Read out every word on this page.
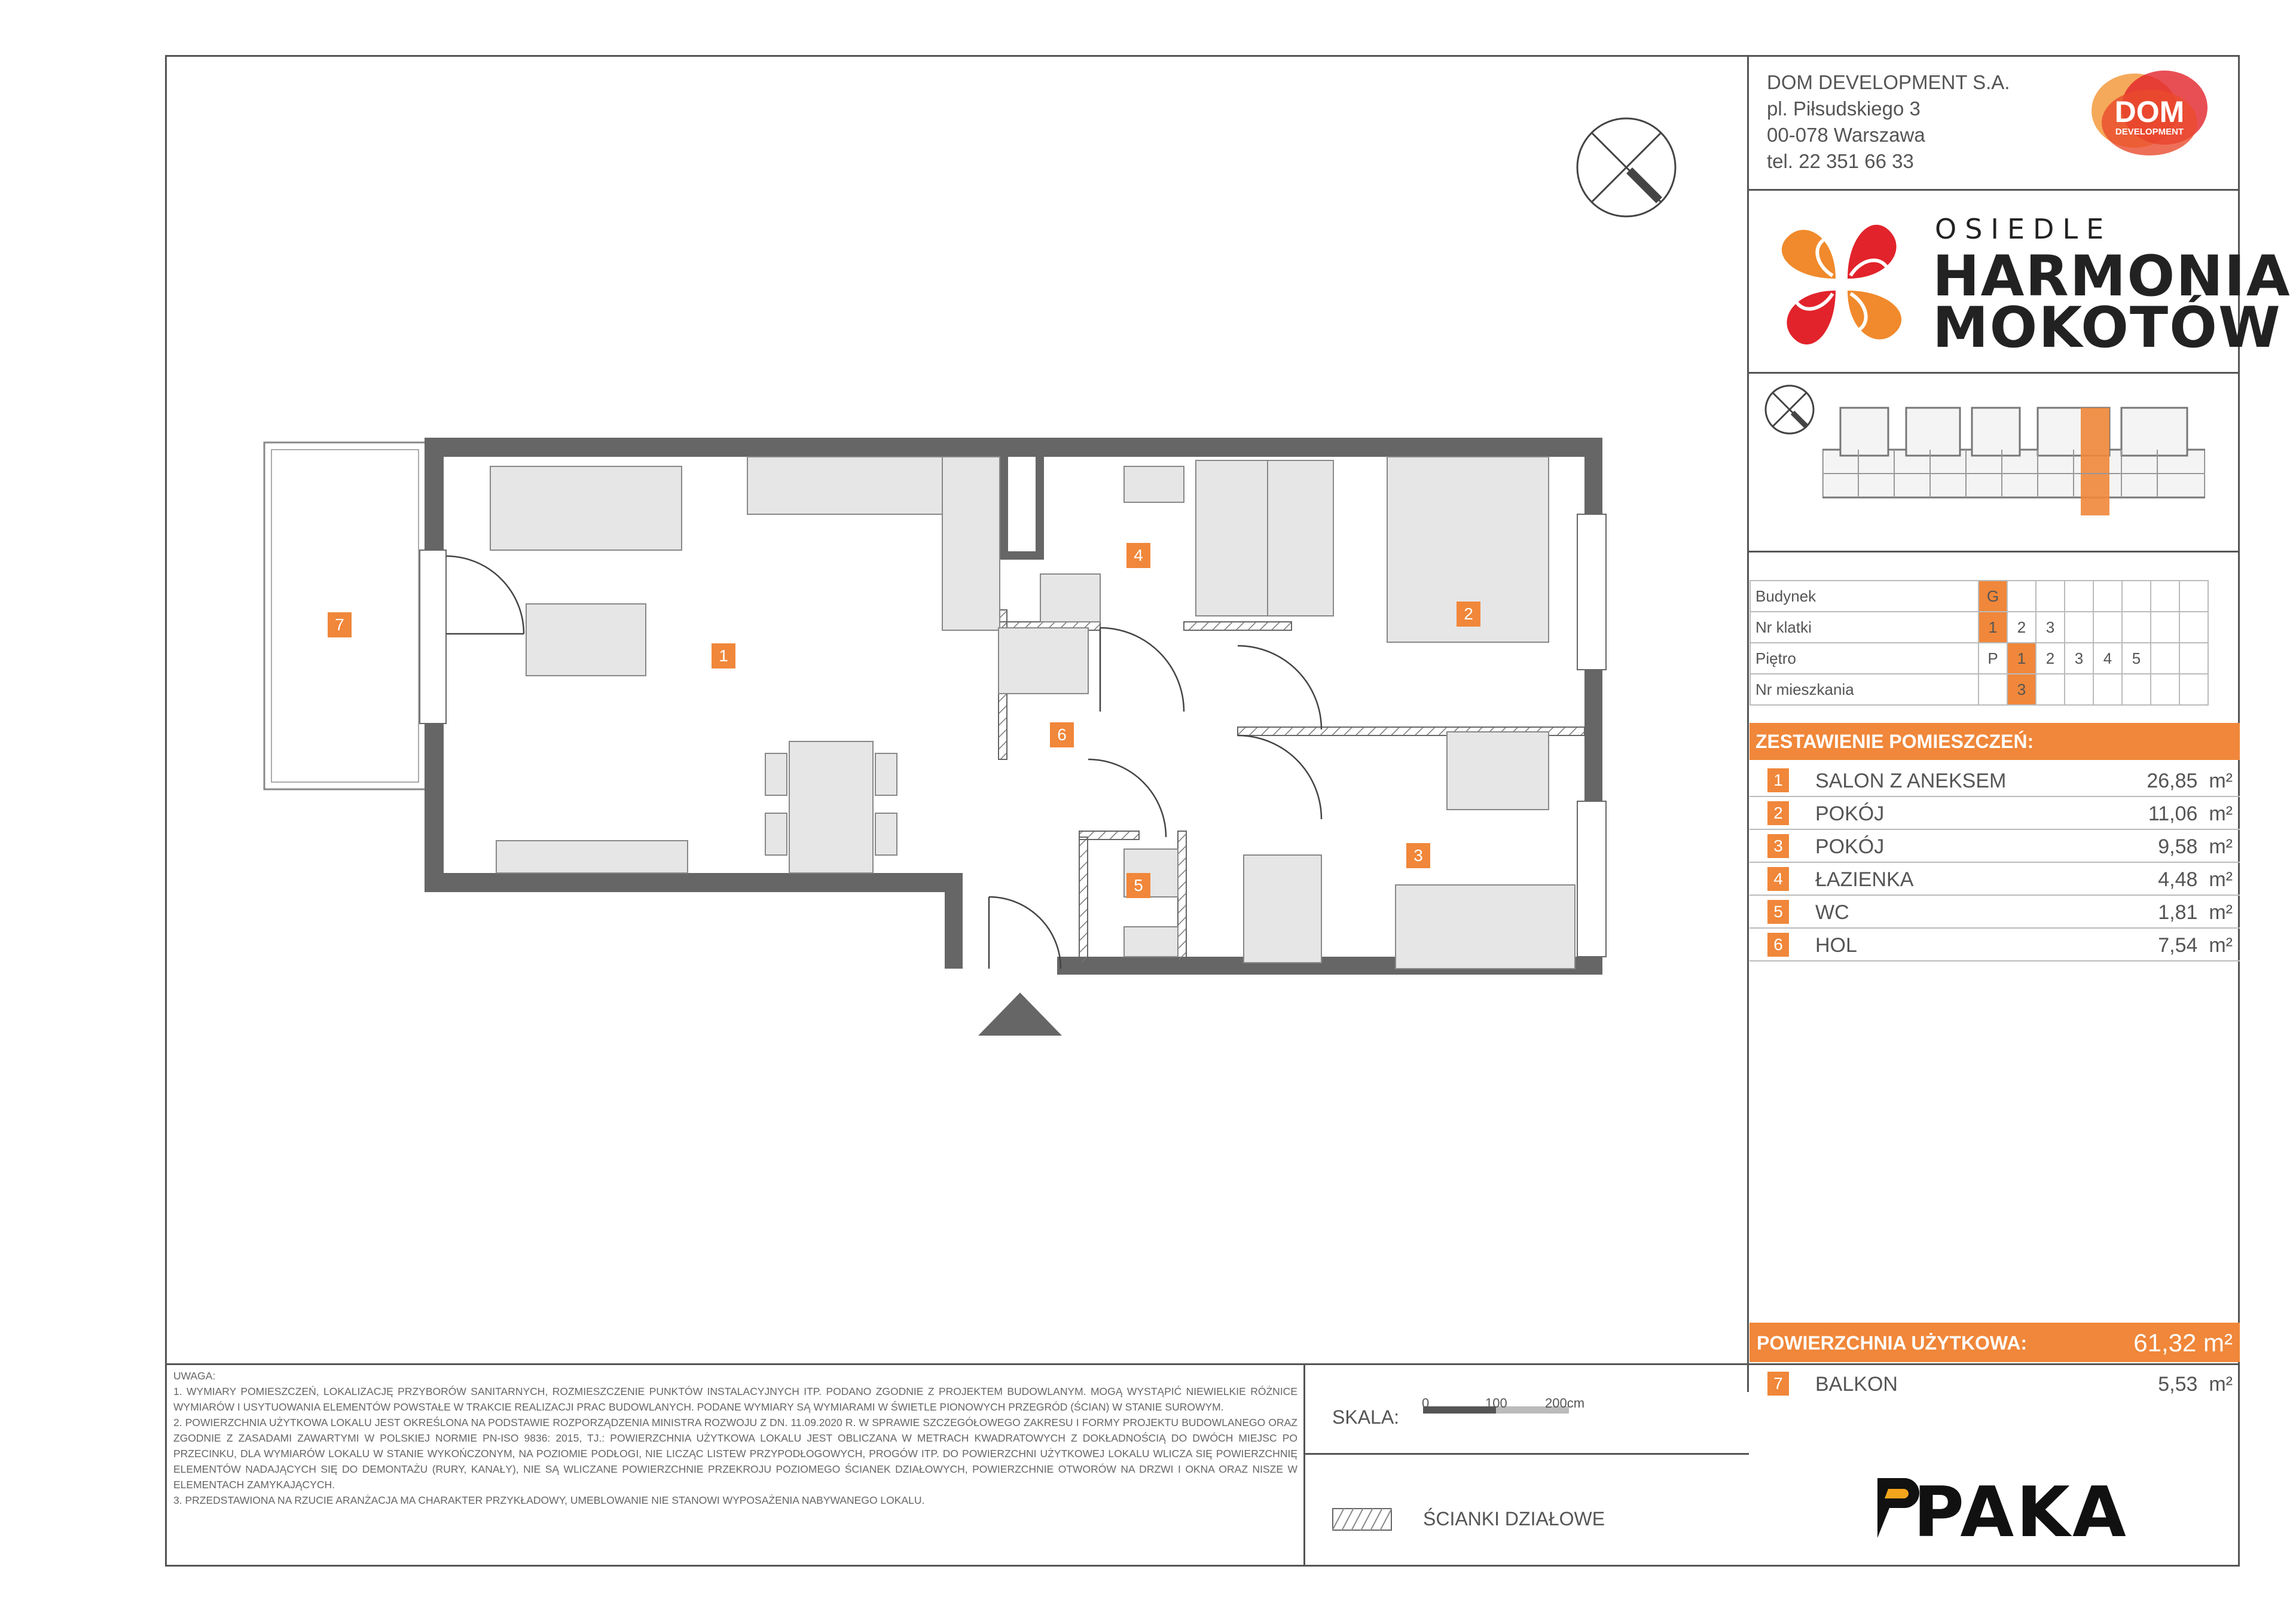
DOM DEVELOPMENT S.A.
pl. Piłsudskiego 3
00-078 Warszawa
tel. 22 351 66 33
DOM
DEVELOPMENT
OSIEDLE
HARMONIA
MOKOTÓW
Budynek	G							
Nr klatki	1	2	3					
Piętro	P	1	2	3	4	5		
Nr mieszkania		3						
ZESTAWIENIE POMIESZCZEŃ:
1	SALON Z ANEKSEM	26,85 m²
2	POKÓJ	11,06 m²
3	POKÓJ	9,58 m²
4	ŁAZIENKA	4,48 m²
5	WC	1,81 m²
6	HOL	7,54 m²
POWIERZCHNIA UŻYTKOWA:	61,32 m²
7	BALKON	5,53 m²
UWAGA:
1. WYMIARY POMIESZCZEŃ, LOKALIZACJĘ PRZYBORÓW SANITARNYCH, ROZMIESZCZENIE PUNKTÓW INSTALACYJNYCH ITP. PODANO ZGODNIE Z PROJEKTEM BUDOWLANYM. MOGĄ WYSTĄPIĆ NIEWIELKIE RÓŻNICE WYMIARÓW I USYTUOWANIA ELEMENTÓW POWSTAŁE W TRAKCIE REALIZACJI PRAC BUDOWLANYCH. PODANE WYMIARY SĄ WYMIARAMI W ŚWIETLE PIONOWYCH PRZEGRÓD (ŚCIAN) W STANIE SUROWYM.
2. POWIERZCHNIA UŻYTKOWA LOKALU JEST OKREŚLONA NA PODSTAWIE ROZPORZĄDZENIA MINISTRA ROZWOJU Z DN. 11.09.2020 R. W SPRAWIE SZCZEGÓŁOWEGO ZAKRESU I FORMY PROJEKTU BUDOWLANEGO ORAZ ZGODNIE Z ZASADAMI ZAWARTYMI W POLSKIEJ NORMIE PN-ISO 9836: 2015, TJ.: POWIERZCHNIA UŻYTKOWA LOKALU JEST OBLICZANA W METRACH KWADRATOWYCH Z DOKŁADNOŚCIĄ DO DWÓCH MIEJSC PO PRZECINKU, DLA WYMIARÓW LOKALU W STANIE WYKOŃCZONYM, NA POZIOMIE PODŁOGI, NIE LICZĄC LISTEW PRZYPODŁOGOWYCH, PROGÓW ITP. DO POWIERZCHNI UŻYTKOWEJ LOKALU WLICZA SIĘ POWIERZCHNIĘ ELEMENTÓW NADAJĄCYCH SIĘ DO DEMONTAŻU (RURY, KANAŁY), NIE SĄ WLICZANE POWIERZCHNIE PRZEKROJU POZIOMEGO ŚCIANEK DZIAŁOWYCH, POWIERZCHNIE OTWORÓW NA DRZWI I OKNA ORAZ NISZE W ELEMENTACH ZAMYKAJĄCYCH.
3. PRZEDSTAWIONA NA RZUCIE ARANŻACJA MA CHARAKTER PRZYKŁADOWY, UMEBLOWANIE NIE STANOWI WYPOSAŻENIA NABYWANEGO LOKALU.
SKALA:
0	100	200cm
ŚCIANKI DZIAŁOWE	PAKA
1
2
3
4
5
6
7
